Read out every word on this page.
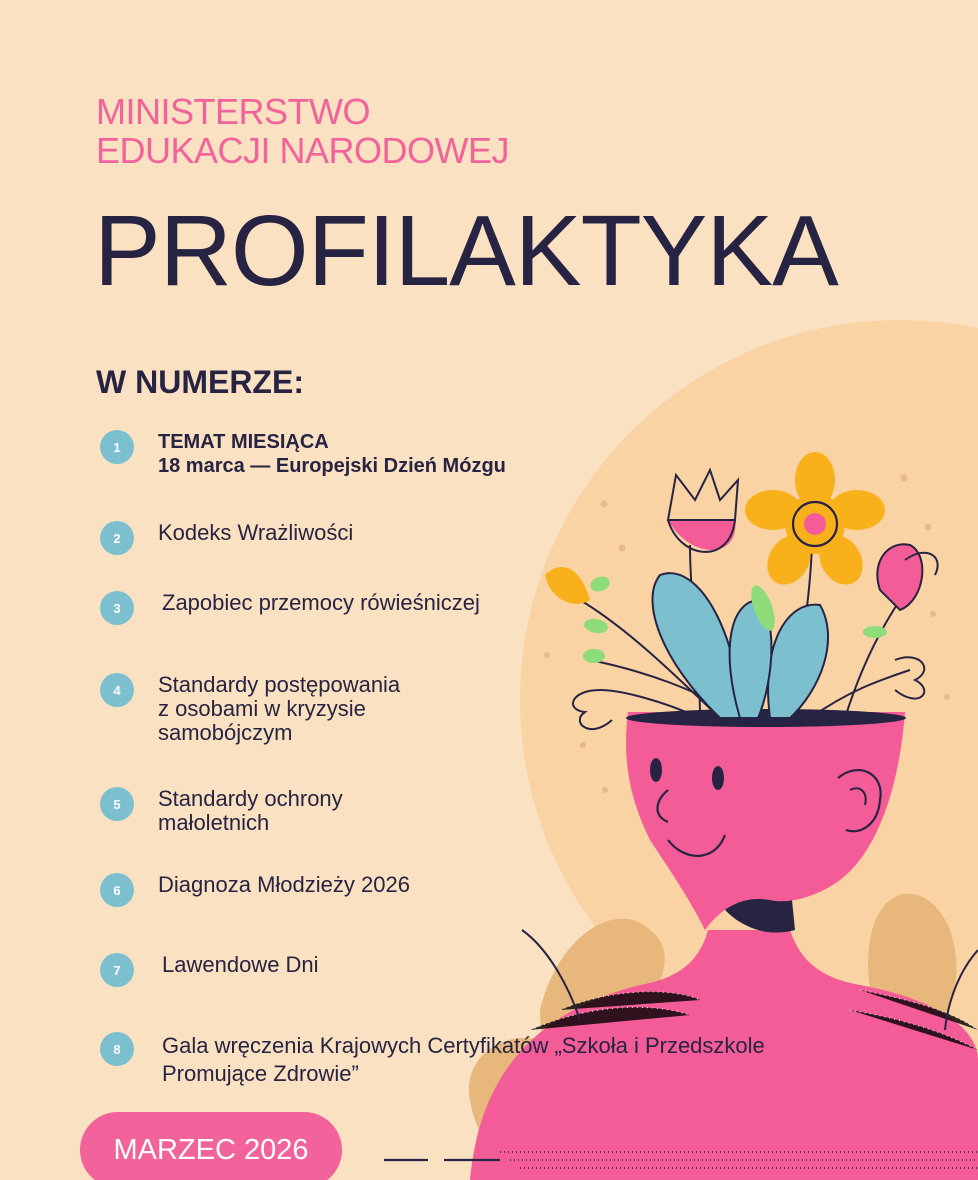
MINISTERSTWO
EDUKACJI NARODOWEJ
PROFILAKTYKA
W NUMERZE:
1	TEMAT MIESIĄCA
18 marca — Europejski Dzień Mózgu
2	Kodeks Wrażliwości
3	Zapobiec przemocy rówieśniczej
4	Standardy postępowania
z osobami w kryzysie
samobójczym
5	Standardy ochrony
małoletnich
6	Diagnoza Młodzieży 2026
7	Lawendowe Dni
8	Gala wręczenia Krajowych Certyfikatów „Szkoła i Przedszkole
Promujące Zdrowie”
MARZEC 2026
